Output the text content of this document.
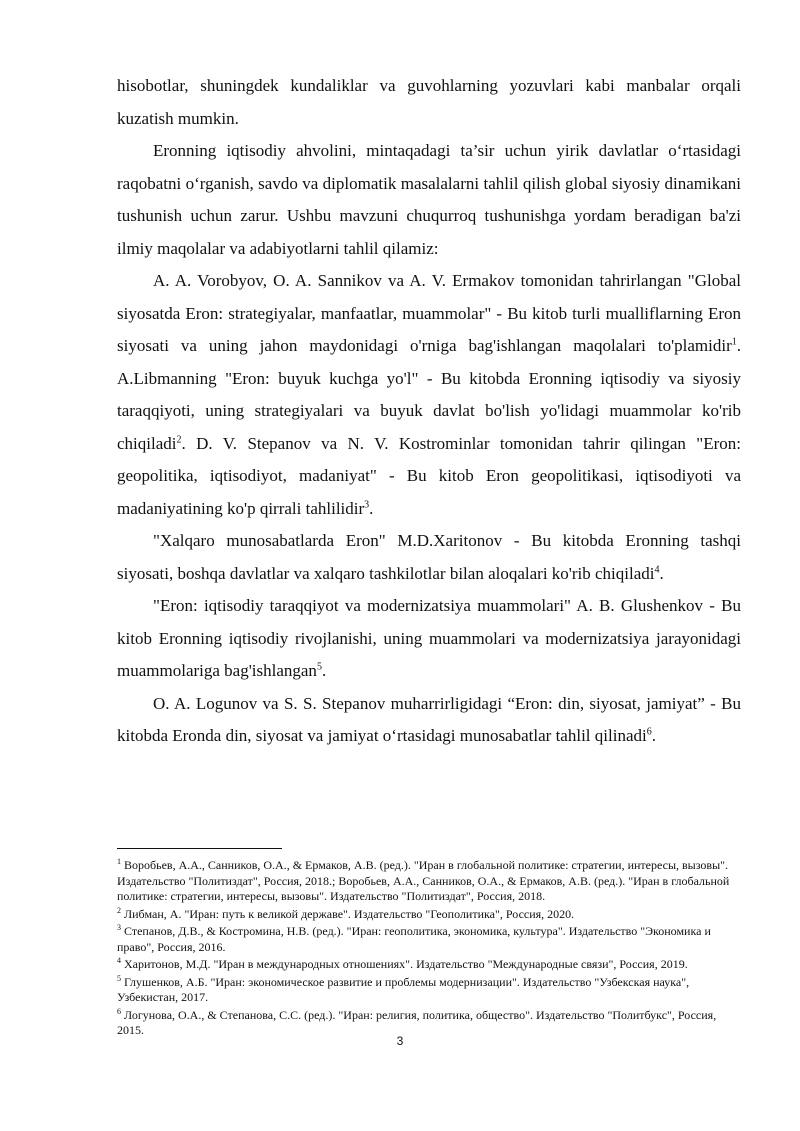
hisobotlar, shuningdek kundaliklar va guvohlarning yozuvlari kabi manbalar orqali kuzatish mumkin.

Eronning iqtisodiy ahvolini, mintaqadagi ta’sir uchun yirik davlatlar o‘rtasidagi raqobatni o‘rganish, savdo va diplomatik masalalarni tahlil qilish global siyosiy dinamikani tushunish uchun zarur. Ushbu mavzuni chuqurroq tushunishga yordam beradigan ba'zi ilmiy maqolalar va adabiyotlarni tahlil qilamiz:

A. A. Vorobyov, O. A. Sannikov va A. V. Ermakov tomonidan tahrirlangan "Global siyosatda Eron: strategiyalar, manfaatlar, muammolar" - Bu kitob turli mualliflarning Eron siyosati va uning jahon maydonidagi o'rniga bag'ishlangan maqolalari to'plamidir$^1$. A.Libmanning "Eron: buyuk kuchga yo'l" - Bu kitobda Eronning iqtisodiy va siyosiy taraqqiyoti, uning strategiyalari va buyuk davlat bo'lish yo'lidagi muammolar ko'rib chiqiladi$^2$. D. V. Stepanov va N. V. Kostrominlar tomonidan tahrir qilingan "Eron: geopolitika, iqtisodiyot, madaniyat" - Bu kitob Eron geopolitikasi, iqtisodiyoti va madaniyatining ko'p qirrali tahlilidir$^3$.

"Xalqaro munosabatlarda Eron" M.D.Xaritonov - Bu kitobda Eronning tashqi siyosati, boshqa davlatlar va xalqaro tashkilotlar bilan aloqalari ko'rib chiqiladi$^4$.

"Eron: iqtisodiy taraqqiyot va modernizatsiya muammolari" A. B. Glushenkov - Bu kitob Eronning iqtisodiy rivojlanishi, uning muammolari va modernizatsiya jarayonidagi muammolariga bag'ishlangan$^5$.

O. A. Logunov va S. S. Stepanov muharrirligidagi “Eron: din, siyosat, jamiyat” - Bu kitobda Eronda din, siyosat va jamiyat o‘rtasidagi munosabatlar tahlil qilinadi$^6$.

$^1$ Воробьев, А.А., Санников, О.А., & Ермаков, А.В. (ред.). "Иран в глобальной политике: стратегии, интересы, вызовы". Издательство "Политиздат", Россия, 2018.; Воробьев, А.А., Санников, О.А., & Ермаков, А.В. (ред.). "Иран в глобальной политике: стратегии, интересы, вызовы". Издательство "Политиздат", Россия, 2018.

$^2$ Либман, А. "Иран: путь к великой державе". Издательство "Геополитика", Россия, 2020.

$^3$ Степанов, Д.В., & Костромина, Н.В. (ред.). "Иран: геополитика, экономика, культура". Издательство "Экономика и право", Россия, 2016.

$^4$ Харитонов, М.Д. "Иран в международных отношениях". Издательство "Международные связи", Россия, 2019.

$^5$ Глушенков, А.Б. "Иран: экономическое развитие и проблемы модернизации". Издательство "Узбекская наука", Узбекистан, 2017.

$^6$ Логунова, О.А., & Степанова, С.С. (ред.). "Иран: религия, политика, общество". Издательство "Политбукс", Россия, 2015.

3
